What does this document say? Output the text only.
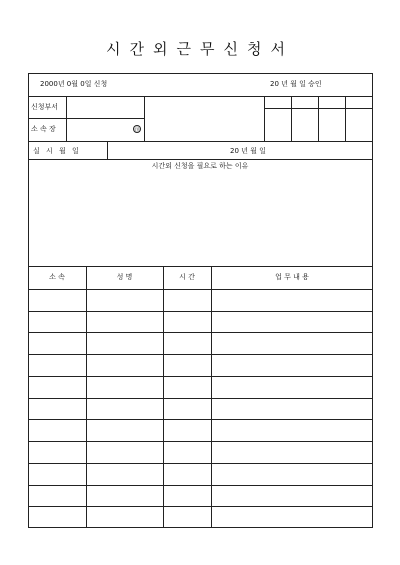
시간외근무신청서
2000년 0월 0일 신청	20 년 월 일 승인
신청부서
소 속 장	㊞
실 시 월 일	20 년 월 일
시간외 신청을 필요로 하는 이유
소 속	성 명	시 간	업 무 내 용
